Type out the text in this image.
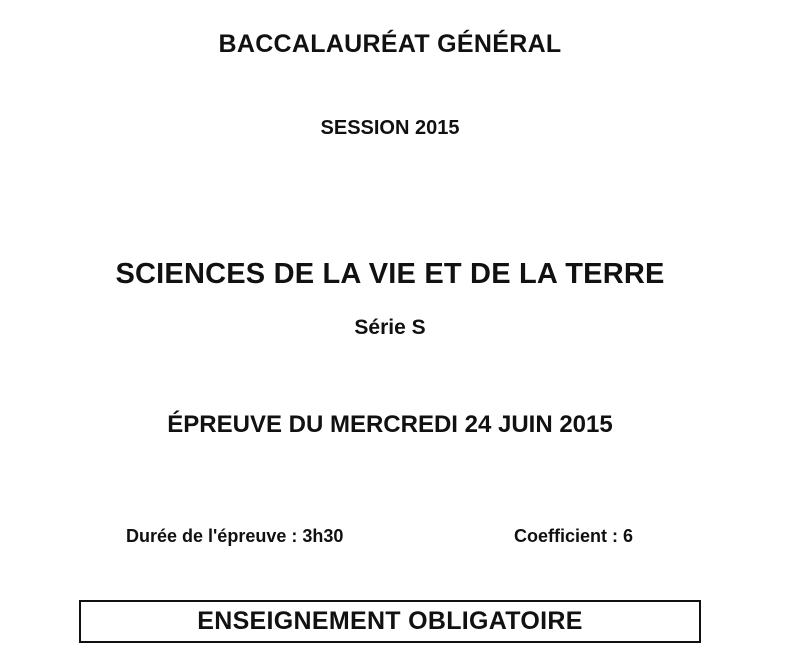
BACCALAURÉAT GÉNÉRAL
SESSION 2015
SCIENCES DE LA VIE ET DE LA TERRE
Série S
ÉPREUVE DU MERCREDI 24 JUIN 2015
Durée de l'épreuve : 3h30	Coefficient : 6
ENSEIGNEMENT OBLIGATOIRE
